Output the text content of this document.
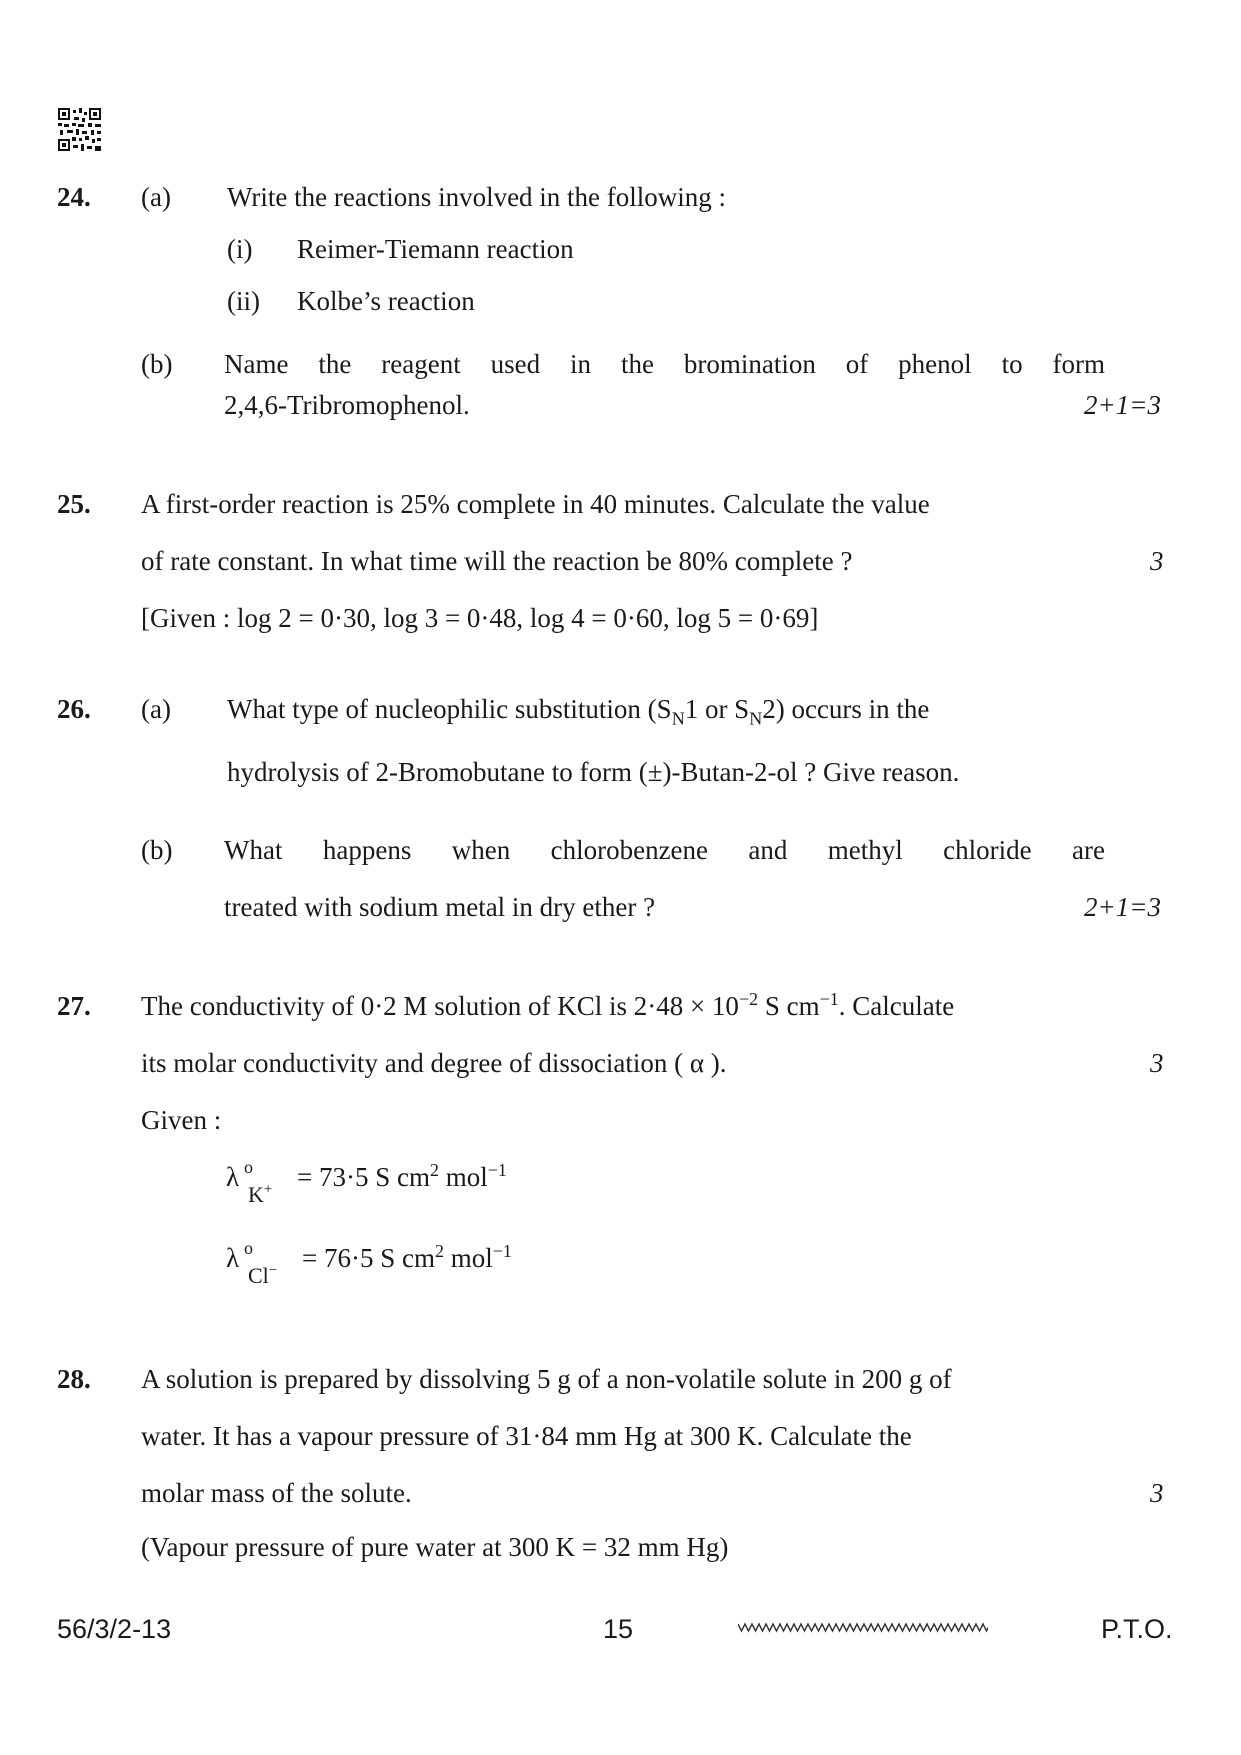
24. (a) Write the reactions involved in the following :
(i) Reimer-Tiemann reaction
(ii) Kolbe’s reaction
(b) Name the reagent used in the bromination of phenol to form
2,4,6-Tribromophenol.	2+1=3
25. A first-order reaction is 25% complete in 40 minutes. Calculate the value
of rate constant. In what time will the reaction be 80% complete ?	3
[Given : log 2 = 0·30, log 3 = 0·48, log 4 = 0·60, log 5 = 0·69]
26. (a) What type of nucleophilic substitution ($S_N1$ or $S_N2$) occurs in the
hydrolysis of 2-Bromobutane to form (±)-Butan-2-ol ? Give reason.
(b) What happens when chlorobenzene and methyl chloride are
treated with sodium metal in dry ether ?	2+1=3
27. The conductivity of 0·2 M solution of KCl is $2\cdot 48 \times 10^{-2}$ S $cm^{-1}$. Calculate
its molar conductivity and degree of dissociation ( α ).	3
Given :
λ o
K+ = 73·5 S $cm^2$ mol$^{-1}$
λ o
Cl− = 76·5 S $cm^2$ mol$^{-1}$
28. A solution is prepared by dissolving 5 g of a non-volatile solute in 200 g of
water. It has a vapour pressure of 31·84 mm Hg at 300 K. Calculate the
molar mass of the solute.	3
(Vapour pressure of pure water at 300 K = 32 mm Hg)
56/3/2-13	15	P.T.O.
